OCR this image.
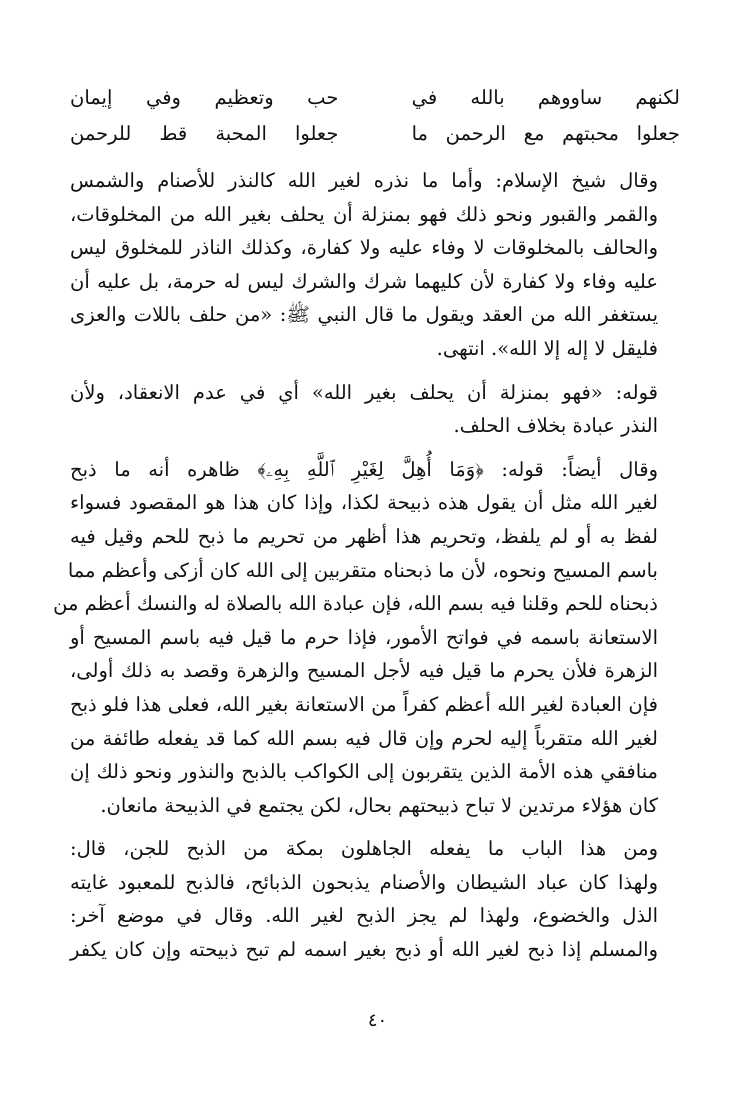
لكنهم ساووهم بالله في
حب وتعظيم وفي إيمان
جعلوا محبتهم مع الرحمن ما
جعلوا المحبة قط للرحمن
وقال شيخ الإسلام: وأما ما نذره لغير الله كالنذر للأصنام والشمس
والقمر والقبور ونحو ذلك فهو بمنزلة أن يحلف بغير الله من المخلوقات،
والحالف بالمخلوقات لا وفاء عليه ولا كفارة، وكذلك الناذر للمخلوق ليس
عليه وفاء ولا كفارة لأن كليهما شرك والشرك ليس له حرمة، بل عليه أن
يستغفر الله من العقد ويقول ما قال النبي ﷺ: «من حلف باللات والعزى
فليقل لا إله إلا الله». انتهى.
قوله: «فهو بمنزلة أن يحلف بغير الله» أي في عدم الانعقاد، ولأن
النذر عبادة بخلاف الحلف.
وقال أيضاً: قوله: ﴿وَمَا أُهِلَّ لِغَيْرِ ٱللَّهِ بِهِۦ﴾ ظاهره أنه ما ذبح
لغير الله مثل أن يقول هذه ذبيحة لكذا، وإذا كان هذا هو المقصود فسواء
لفظ به أو لم يلفظ، وتحريم هذا أظهر من تحريم ما ذبح للحم وقيل فيه
باسم المسيح ونحوه، لأن ما ذبحناه متقربين إلى الله كان أزكى وأعظم مما
ذبحناه للحم وقلنا فيه بسم الله، فإن عبادة الله بالصلاة له والنسك أعظم من
الاستعانة باسمه في فواتح الأمور، فإذا حرم ما قيل فيه باسم المسيح أو
الزهرة فلأن يحرم ما قيل فيه لأجل المسيح والزهرة وقصد به ذلك أولى،
فإن العبادة لغير الله أعظم كفراً من الاستعانة بغير الله، فعلى هذا فلو ذبح
لغير الله متقرباً إليه لحرم وإن قال فيه بسم الله كما قد يفعله طائفة من
منافقي هذه الأمة الذين يتقربون إلى الكواكب بالذبح والنذور ونحو ذلك إن
كان هؤلاء مرتدين لا تباح ذبيحتهم بحال، لكن يجتمع في الذبيحة مانعان.
ومن هذا الباب ما يفعله الجاهلون بمكة من الذبح للجن، قال:
ولهذا كان عباد الشيطان والأصنام يذبحون الذبائح، فالذبح للمعبود غايته
الذل والخضوع، ولهذا لم يجز الذبح لغير الله. وقال في موضع آخر:
والمسلم إذا ذبح لغير الله أو ذبح بغير اسمه لم تبح ذبيحته وإن كان يكفر
٤٠
